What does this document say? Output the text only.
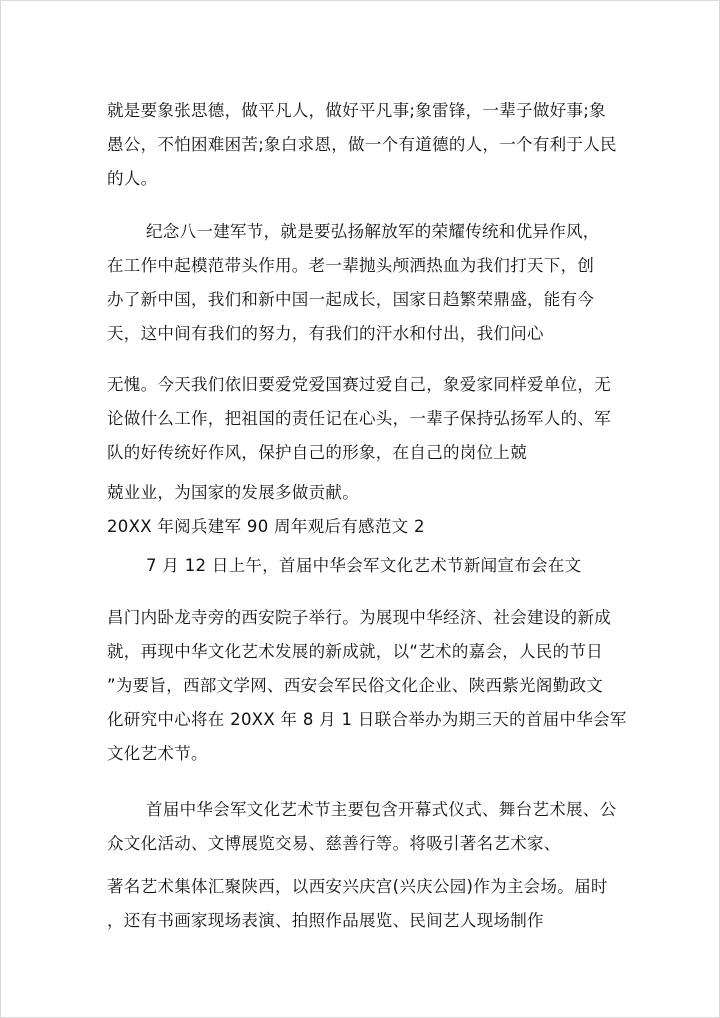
就是要象张思德，做平凡人，做好平凡事;象雷锋，一辈子做好事;象
愚公，不怕困难困苦;象白求恩，做一个有道德的人，一个有利于人民
的人。
纪念八一建军节，就是要弘扬解放军的荣耀传统和优异作风，
在工作中起模范带头作用。老一辈抛头颅洒热血为我们打天下，创
办了新中国，我们和新中国一起成长，国家日趋繁荣鼎盛，能有今
天，这中间有我们的努力，有我们的汗水和付出，我们问心
无愧。今天我们依旧要爱党爱国赛过爱自己，象爱家同样爱单位，无
论做什么工作，把祖国的责任记在心头，一辈子保持弘扬军人的、军
队的好传统好作风，保护自己的形象，在自己的岗位上兢
兢业业，为国家的发展多做贡献。
20XX 年阅兵建军 90 周年观后有感范文 2
7 月 12 日上午，首届中华会军文化艺术节新闻宣布会在文
昌门内卧龙寺旁的西安院子举行。为展现中华经济、社会建设的新成
就，再现中华文化艺术发展的新成就，以“艺术的嘉会，人民的节日
”为要旨，西部文学网、西安会军民俗文化企业、陕西紫光阁勤政文
化研究中心将在 20XX 年 8 月 1 日联合举办为期三天的首届中华会军
文化艺术节。
首届中华会军文化艺术节主要包含开幕式仪式、舞台艺术展、公
众文化活动、文博展览交易、慈善行等。将吸引著名艺术家、
著名艺术集体汇聚陕西，以西安兴庆宫(兴庆公园)作为主会场。届时
，还有书画家现场表演、拍照作品展览、民间艺人现场制作
